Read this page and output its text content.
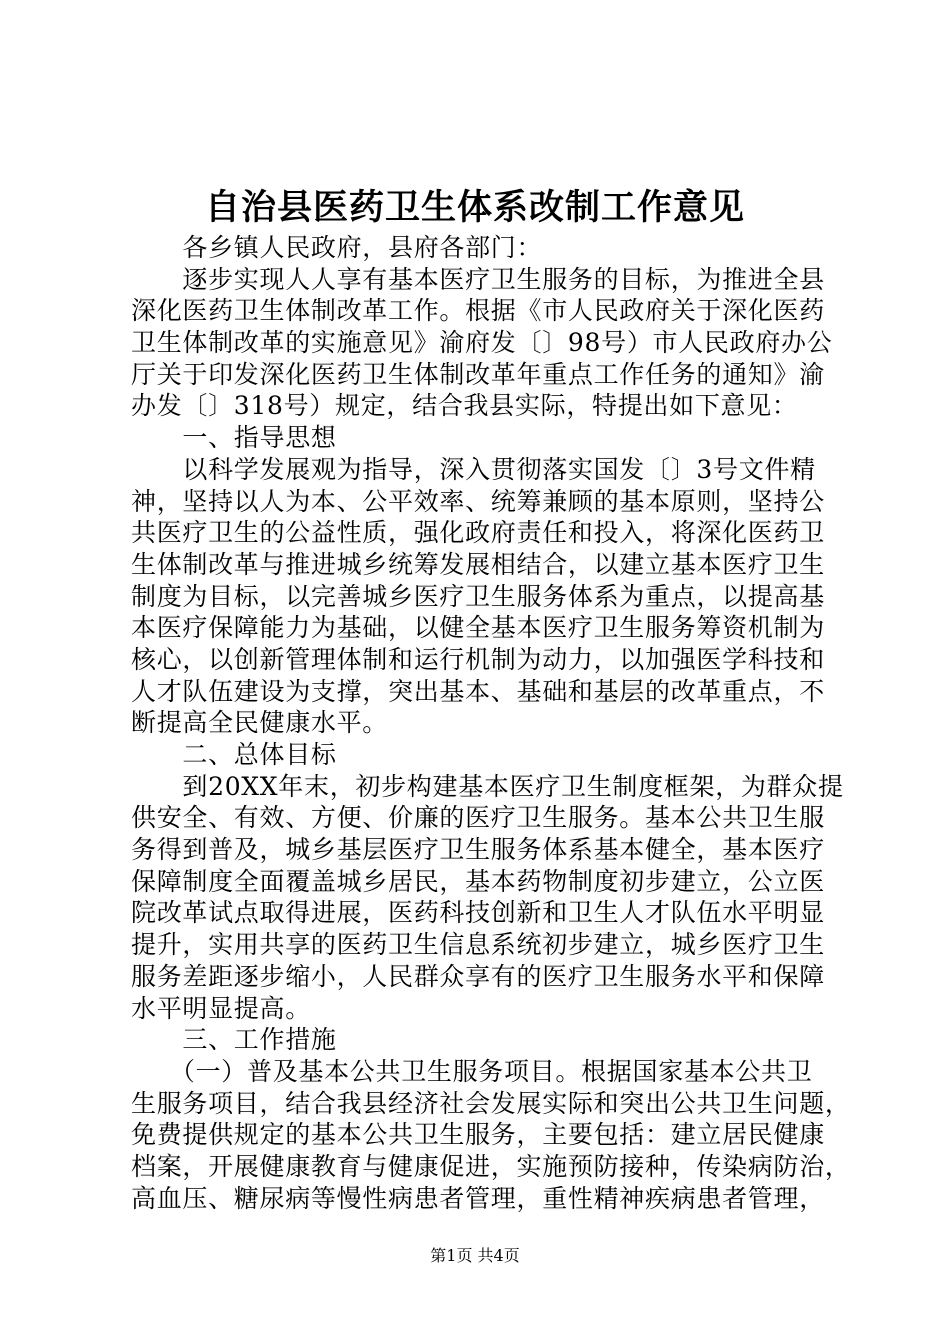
自治县医药卫生体系改制工作意见
　　各乡镇人民政府，县府各部门：
　　逐步实现人人享有基本医疗卫生服务的目标，为推进全县
深化医药卫生体制改革工作。根据《市人民政府关于深化医药
卫生体制改革的实施意见》渝府发〔〕98号）市人民政府办公
厅关于印发深化医药卫生体制改革年重点工作任务的通知》渝
办发〔〕318号）规定，结合我县实际，特提出如下意见：
　　一、指导思想
　　以科学发展观为指导，深入贯彻落实国发〔〕3号文件精
神，坚持以人为本、公平效率、统筹兼顾的基本原则，坚持公
共医疗卫生的公益性质，强化政府责任和投入，将深化医药卫
生体制改革与推进城乡统筹发展相结合，以建立基本医疗卫生
制度为目标，以完善城乡医疗卫生服务体系为重点，以提高基
本医疗保障能力为基础，以健全基本医疗卫生服务筹资机制为
核心，以创新管理体制和运行机制为动力，以加强医学科技和
人才队伍建设为支撑，突出基本、基础和基层的改革重点，不
断提高全民健康水平。
　　二、总体目标
　　到20XX年末，初步构建基本医疗卫生制度框架，为群众提
供安全、有效、方便、价廉的医疗卫生服务。基本公共卫生服
务得到普及，城乡基层医疗卫生服务体系基本健全，基本医疗
保障制度全面覆盖城乡居民，基本药物制度初步建立，公立医
院改革试点取得进展，医药科技创新和卫生人才队伍水平明显
提升，实用共享的医药卫生信息系统初步建立，城乡医疗卫生
服务差距逐步缩小，人民群众享有的医疗卫生服务水平和保障
水平明显提高。
　　三、工作措施
　　（一）普及基本公共卫生服务项目。根据国家基本公共卫
生服务项目，结合我县经济社会发展实际和突出公共卫生问题，
免费提供规定的基本公共卫生服务，主要包括：建立居民健康
档案，开展健康教育与健康促进，实施预防接种，传染病防治，
高血压、糖尿病等慢性病患者管理，重性精神疾病患者管理，
第1页 共4页
